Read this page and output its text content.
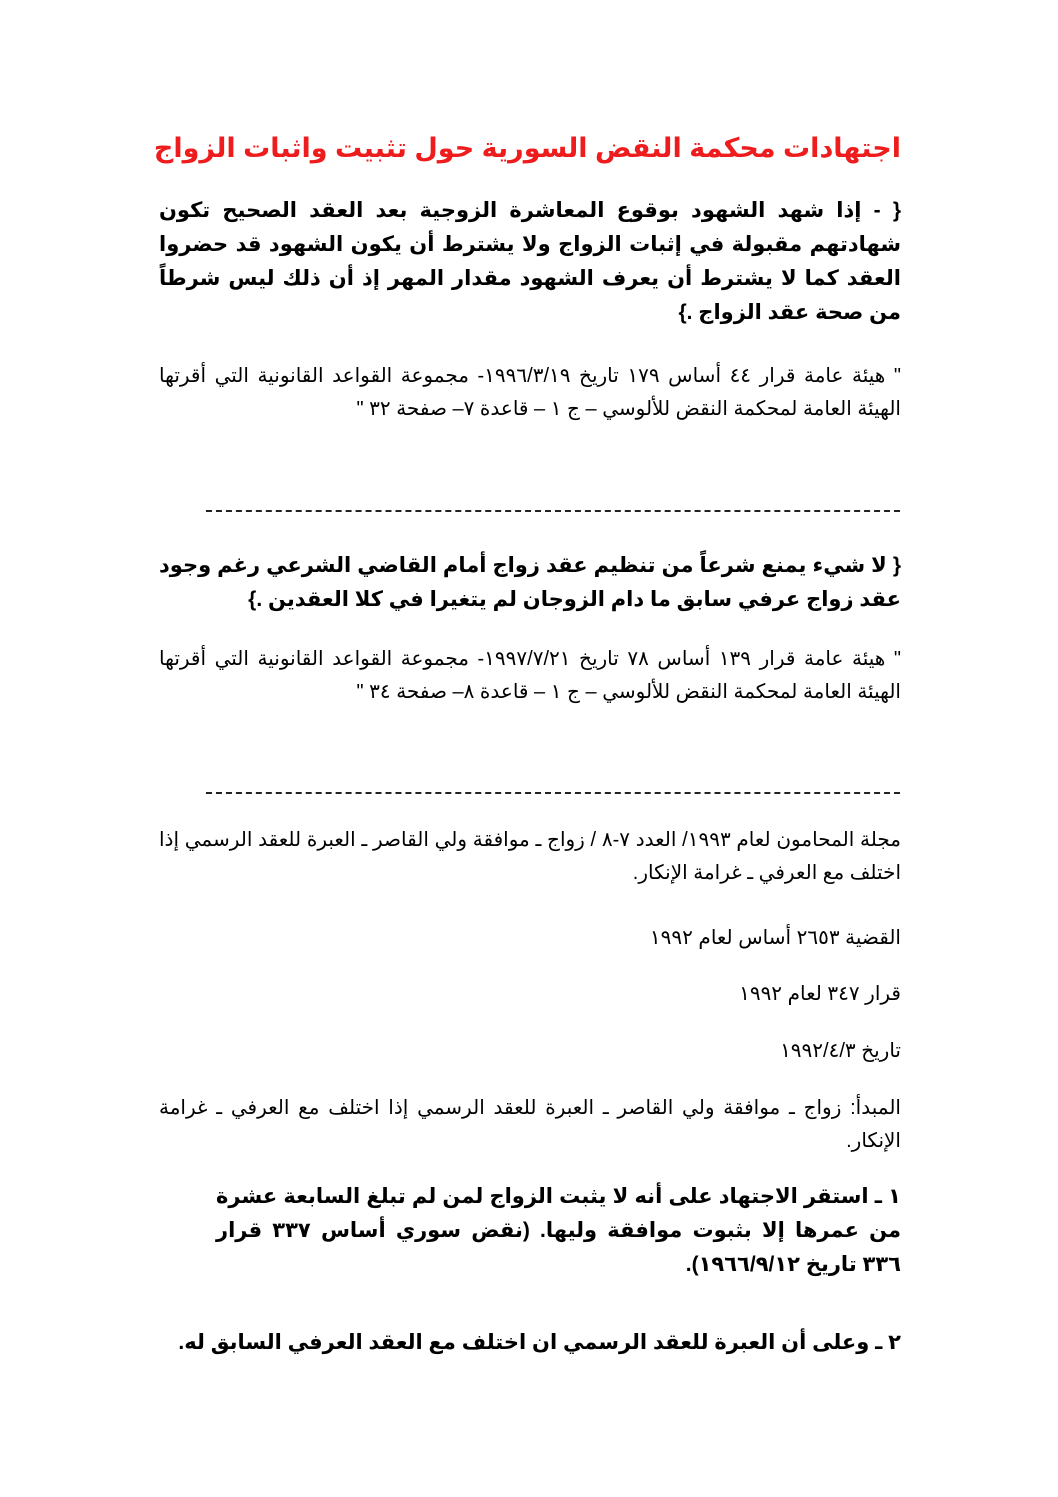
اجتهادات محكمة النقض السورية حول تثبيت واثبات الزواج

{ - إذا شهد الشهود بوقوع المعاشرة الزوجية بعد العقد الصحيح تكون شهادتهم مقبولة في إثبات الزواج ولا يشترط أن يكون الشهود قد حضروا العقد كما لا يشترط أن يعرف الشهود مقدار المهر إذ أن ذلك ليس شرطاً من صحة عقد الزواج .}

" هيئة عامة قرار ٤٤ أساس ١٧٩ تاريخ ١٩٩٦/٣/١٩- مجموعة القواعد القانونية التي أقرتها الهيئة العامة لمحكمة النقض للألوسي – ج ١ – قاعدة ٧– صفحة ٣٢ "

{ لا شيء يمنع شرعاً من تنظيم عقد زواج أمام القاضي الشرعي رغم وجود عقد زواج عرفي سابق ما دام الزوجان لم يتغيرا في كلا العقدين .}

" هيئة عامة قرار ١٣٩ أساس ٧٨ تاريخ ١٩٩٧/٧/٢١- مجموعة القواعد القانونية التي أقرتها الهيئة العامة لمحكمة النقض للألوسي – ج ١ – قاعدة ٨– صفحة ٣٤ "

مجلة المحامون لعام ١٩٩٣/ العدد ٧-٨ / زواج ـ موافقة ولي القاصر ـ العبرة للعقد الرسمي إذا اختلف مع العرفي ـ غرامة الإنكار.

القضية ٢٦٥٣ أساس لعام ١٩٩٢

قرار ٣٤٧ لعام ١٩٩٢

تاريخ ١٩٩٢/٤/٣

المبدأ: زواج ـ موافقة ولي القاصر ـ العبرة للعقد الرسمي إذا اختلف مع العرفي ـ غرامة الإنكار.

١ ـ استقر الاجتهاد على أنه لا يثبت الزواج لمن لم تبلغ السابعة عشرة من عمرها إلا بثبوت موافقة وليها. (نقض سوري أساس ٣٣٧ قرار ٣٣٦ تاريخ ١٩٦٦/٩/١٢).

٢ ـ وعلى أن العبرة للعقد الرسمي ان اختلف مع العقد العرفي السابق له.
